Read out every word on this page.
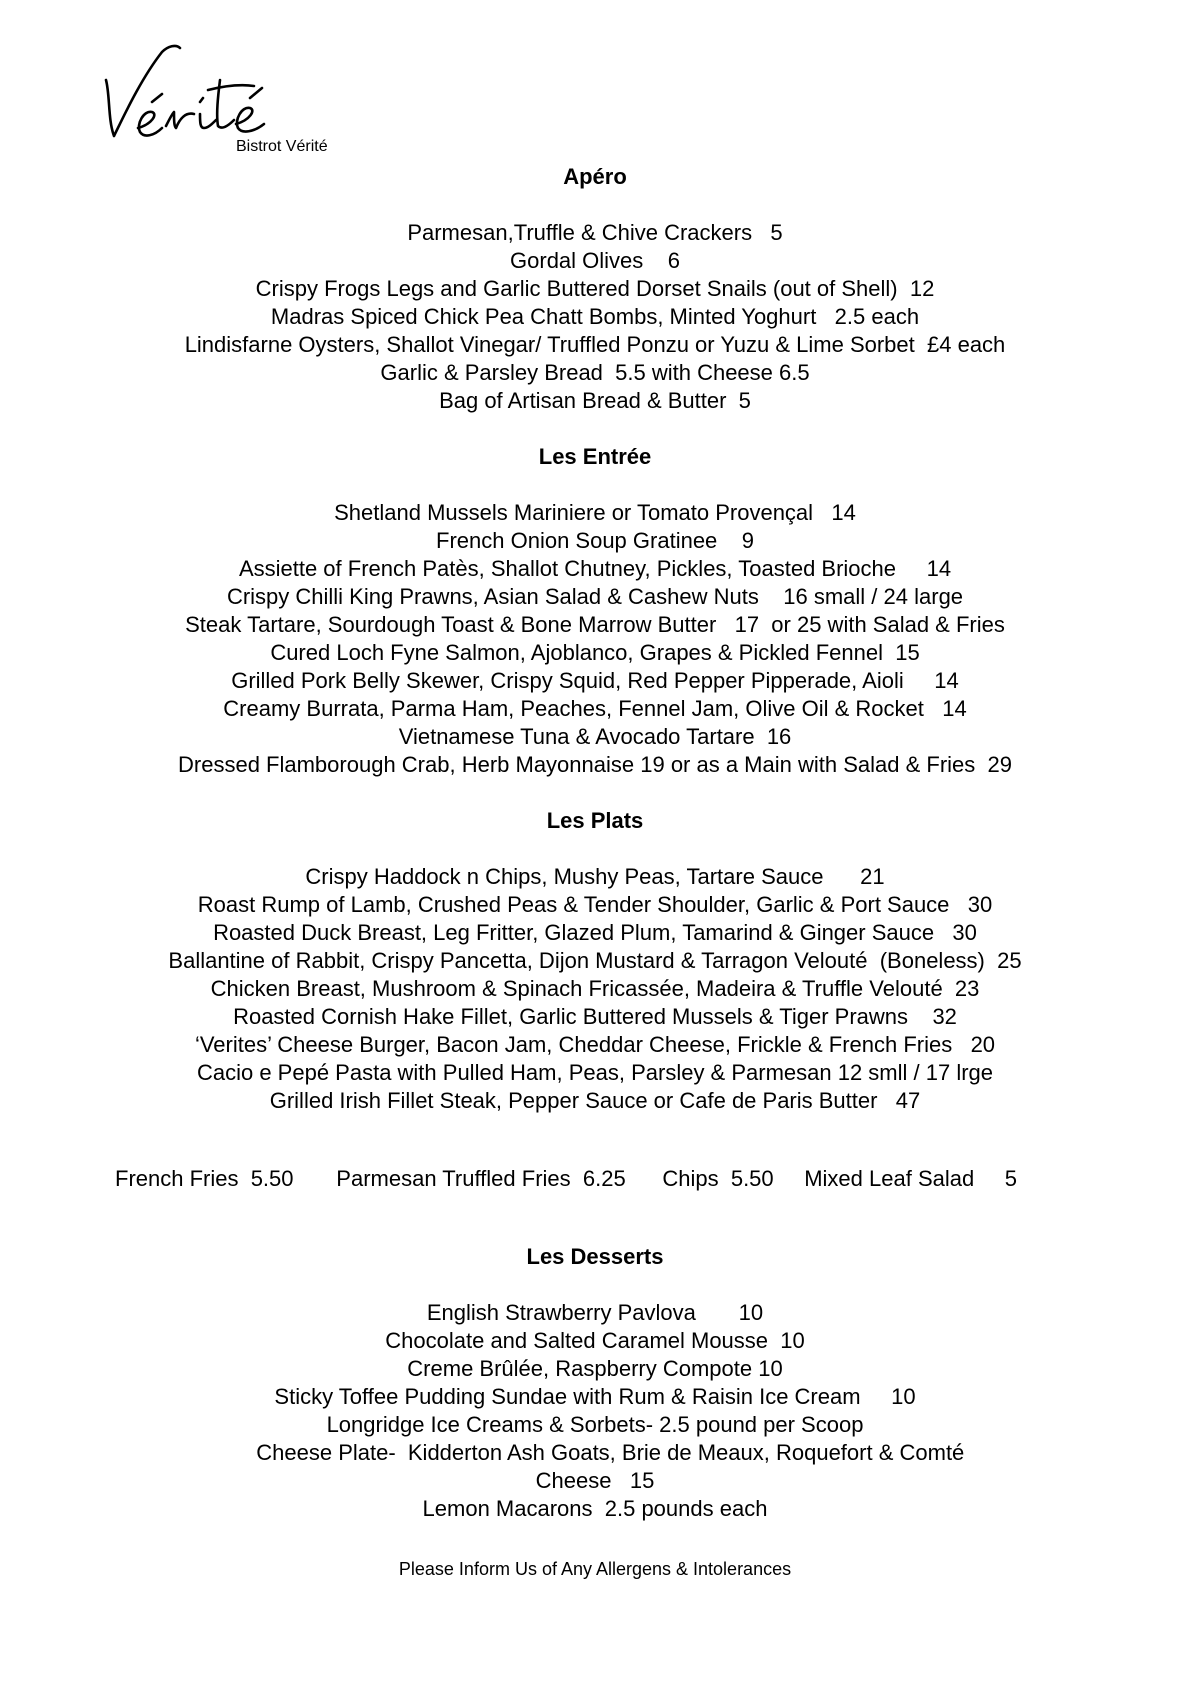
Bistrot Vérité

Apéro

Parmesan,Truffle & Chive Crackers   5

Gordal Olives    6

Crispy Frogs Legs and Garlic Buttered Dorset Snails (out of Shell)  12

Madras Spiced Chick Pea Chatt Bombs, Minted Yoghurt   2.5 each

Lindisfarne Oysters, Shallot Vinegar/ Truffled Ponzu or Yuzu & Lime Sorbet  £4 each

Garlic & Parsley Bread  5.5 with Cheese 6.5

Bag of Artisan Bread & Butter  5

Les Entrée

Shetland Mussels Mariniere or Tomato Provençal   14

French Onion Soup Gratinee    9

Assiette of French Patès, Shallot Chutney, Pickles, Toasted Brioche     14

Crispy Chilli King Prawns, Asian Salad & Cashew Nuts    16 small / 24 large

Steak Tartare, Sourdough Toast & Bone Marrow Butter   17  or 25 with Salad & Fries

Cured Loch Fyne Salmon, Ajoblanco, Grapes & Pickled Fennel  15

Grilled Pork Belly Skewer, Crispy Squid, Red Pepper Pipperade, Aioli     14

Creamy Burrata, Parma Ham, Peaches, Fennel Jam, Olive Oil & Rocket   14

Vietnamese Tuna & Avocado Tartare  16

Dressed Flamborough Crab, Herb Mayonnaise 19 or as a Main with Salad & Fries  29

Les Plats

Crispy Haddock n Chips, Mushy Peas, Tartare Sauce      21

Roast Rump of Lamb, Crushed Peas & Tender Shoulder, Garlic & Port Sauce   30

Roasted Duck Breast, Leg Fritter, Glazed Plum, Tamarind & Ginger Sauce   30

Ballantine of Rabbit, Crispy Pancetta, Dijon Mustard & Tarragon Velouté  (Boneless)  25

Chicken Breast, Mushroom & Spinach Fricassée, Madeira & Truffle Velouté  23

Roasted Cornish Hake Fillet, Garlic Buttered Mussels & Tiger Prawns    32

‘Verites’ Cheese Burger, Bacon Jam, Cheddar Cheese, Frickle & French Fries   20

Cacio e Pepé Pasta with Pulled Ham, Peas, Parsley & Parmesan 12 smll / 17 lrge

Grilled Irish Fillet Steak, Pepper Sauce or Cafe de Paris Butter   47

French Fries  5.50       Parmesan Truffled Fries  6.25      Chips  5.50     Mixed Leaf Salad     5

Les Desserts

English Strawberry Pavlova       10

Chocolate and Salted Caramel Mousse  10

Creme Brûlée, Raspberry Compote 10

Sticky Toffee Pudding Sundae with Rum & Raisin Ice Cream     10

Longridge Ice Creams & Sorbets- 2.5 pound per Scoop

Cheese Plate-  Kidderton Ash Goats, Brie de Meaux, Roquefort & Comté

Cheese   15

Lemon Macarons  2.5 pounds each

Please Inform Us of Any Allergens & Intolerances
